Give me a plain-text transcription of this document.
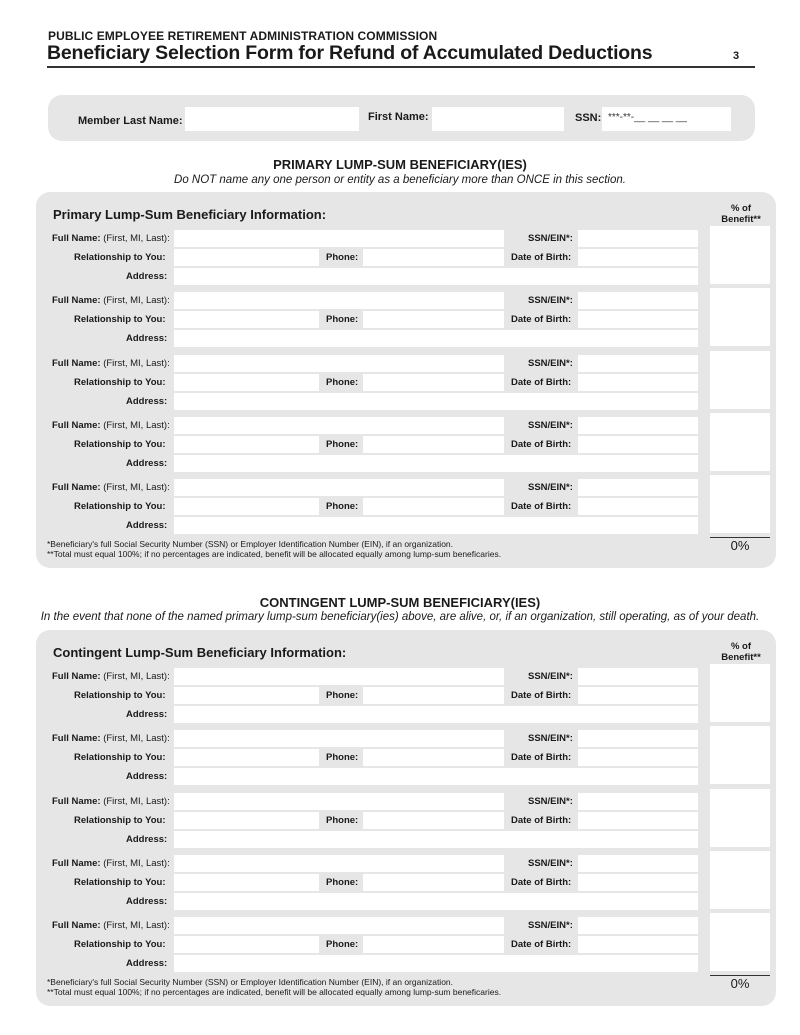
PUBLIC EMPLOYEE RETIREMENT ADMINISTRATION COMMISSION
Beneficiary Selection Form for Refund of Accumulated Deductions	3
Member Last Name:	First Name:	SSN: ***-**-__ __ __ __
PRIMARY LUMP-SUM BENEFICIARY(IES)
Do NOT name any one person or entity as a beneficiary more than ONCE in this section.
Primary Lump-Sum Beneficiary Information:	% of
Benefit**
Full Name: (First, MI, Last):	SSN/EIN*:
Relationship to You:	Phone:	Date of Birth:
Address:
Full Name: (First, MI, Last):	SSN/EIN*:
Relationship to You:	Phone:	Date of Birth:
Address:
Full Name: (First, MI, Last):	SSN/EIN*:
Relationship to You:	Phone:	Date of Birth:
Address:
Full Name: (First, MI, Last):	SSN/EIN*:
Relationship to You:	Phone:	Date of Birth:
Address:
Full Name: (First, MI, Last):	SSN/EIN*:
Relationship to You:	Phone:	Date of Birth:
Address:
*Beneficiary's full Social Security Number (SSN) or Employer Identification Number (EIN), if an organization.
**Total must equal 100%; if no percentages are indicated, benefit will be allocated equally among lump-sum beneficaries.
0%
CONTINGENT LUMP-SUM BENEFICIARY(IES)
In the event that none of the named primary lump-sum beneficiary(ies) above, are alive, or, if an organization, still operating, as of your death.
Contingent Lump-Sum Beneficiary Information:	% of
Benefit**
Full Name: (First, MI, Last):	SSN/EIN*:
Relationship to You:	Phone:	Date of Birth:
Address:
Full Name: (First, MI, Last):	SSN/EIN*:
Relationship to You:	Phone:	Date of Birth:
Address:
Full Name: (First, MI, Last):	SSN/EIN*:
Relationship to You:	Phone:	Date of Birth:
Address:
Full Name: (First, MI, Last):	SSN/EIN*:
Relationship to You:	Phone:	Date of Birth:
Address:
Full Name: (First, MI, Last):	SSN/EIN*:
Relationship to You:	Phone:	Date of Birth:
Address:
*Beneficiary's full Social Security Number (SSN) or Employer Identification Number (EIN), if an organization.
**Total must equal 100%; if no percentages are indicated, benefit will be allocated equally among lump-sum beneficaries.
0%
